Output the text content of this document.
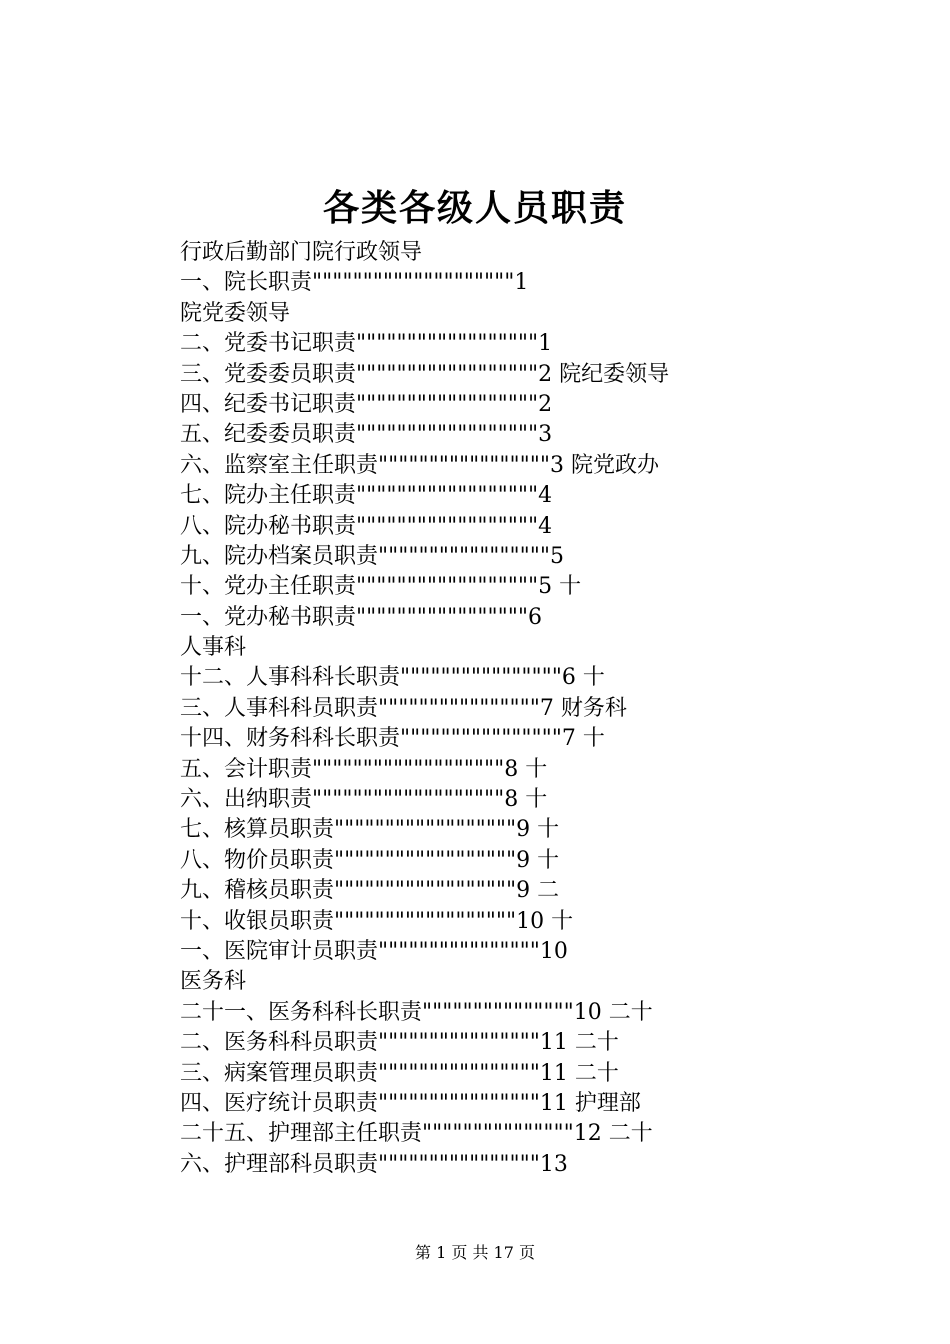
各类各级人员职责
行政后勤部门院行政领导
一、院长职责""""""""""""""""""""1
院党委领导
二、党委书记职责""""""""""""""""""1
三、党委委员职责""""""""""""""""""2 院纪委领导
四、纪委书记职责""""""""""""""""""2
五、纪委委员职责""""""""""""""""""3
六、监察室主任职责"""""""""""""""""3 院党政办
七、院办主任职责""""""""""""""""""4
八、院办秘书职责""""""""""""""""""4
九、院办档案员职责"""""""""""""""""5
十、党办主任职责""""""""""""""""""5 十
一、党办秘书职责"""""""""""""""""6
人事科
十二、人事科科长职责""""""""""""""""6 十
三、人事科科员职责""""""""""""""""7 财务科
十四、财务科科长职责""""""""""""""""7 十
五、会计职责"""""""""""""""""""8 十
六、出纳职责"""""""""""""""""""8 十
七、核算员职责""""""""""""""""""9 十
八、物价员职责""""""""""""""""""9 十
九、稽核员职责""""""""""""""""""9 二
十、收银员职责""""""""""""""""""10 十
一、医院审计员职责""""""""""""""""10
医务科
二十一、医务科科长职责"""""""""""""""10 二十
二、医务科科员职责""""""""""""""""11 二十
三、病案管理员职责""""""""""""""""11 二十
四、医疗统计员职责""""""""""""""""11 护理部
二十五、护理部主任职责"""""""""""""""12 二十
六、护理部科员职责""""""""""""""""13
第 1 页 共 17 页
